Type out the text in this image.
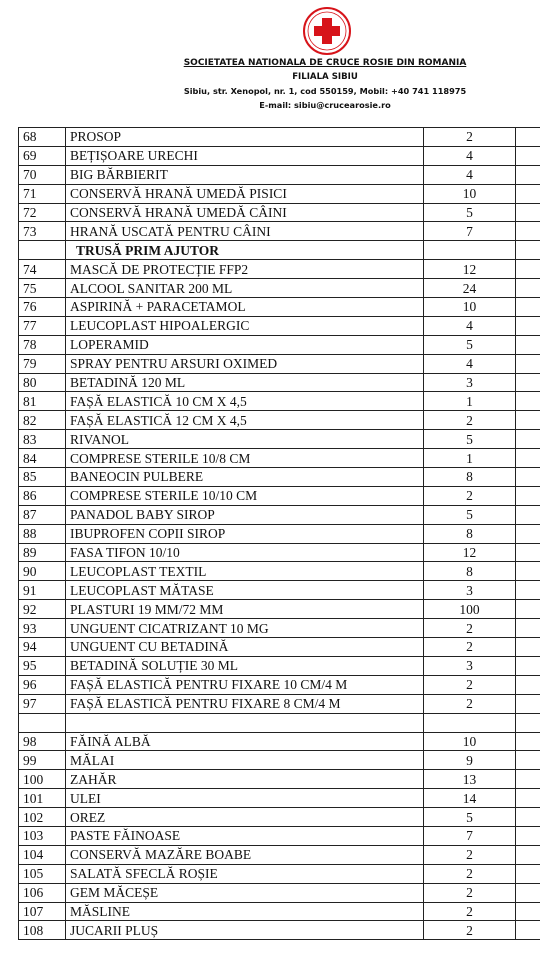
SOCIETATEA NATIONALA DE CRUCE ROSIE DIN ROMANIA
FILIALA SIBIU
Sibiu, str. Xenopol, nr. 1, cod 550159, Mobil: +40 741 118975
E-mail: sibiu@crucearosie.ro
68	PROSOP	2	
69	BEȚIȘOARE URECHI	4	
70	BIG BĂRBIERIT	4	
71	CONSERVĂ HRANĂ UMEDĂ PISICI	10	
72	CONSERVĂ HRANĂ UMEDĂ CÂINI	5	
73	HRANĂ USCATĂ PENTRU CÂINI	7	
	TRUSĂ PRIM AJUTOR		
74	MASCĂ DE PROTECȚIE FFP2	12	
75	ALCOOL SANITAR 200 ML	24	
76	ASPIRINĂ + PARACETAMOL	10	
77	LEUCOPLAST HIPOALERGIC	4	
78	LOPERAMID	5	
79	SPRAY PENTRU ARSURI OXIMED	4	
80	BETADINĂ 120 ML	3	
81	FAȘĂ ELASTICĂ 10 CM X 4,5	1	
82	FAȘĂ ELASTICĂ 12 CM X 4,5	2	
83	RIVANOL	5	
84	COMPRESE STERILE 10/8 CM	1	
85	BANEOCIN PULBERE	8	
86	COMPRESE STERILE 10/10 CM	2	
87	PANADOL BABY SIROP	5	
88	IBUPROFEN COPII SIROP	8	
89	FASA TIFON 10/10	12	
90	LEUCOPLAST TEXTIL	8	
91	LEUCOPLAST MĂTASE	3	
92	PLASTURI 19 MM/72 MM	100	
93	UNGUENT CICATRIZANT 10 MG	2	
94	UNGUENT CU BETADINĂ	2	
95	BETADINĂ SOLUȚIE 30 ML	3	
96	FAȘĂ ELASTICĂ PENTRU FIXARE 10 CM/4 M	2	
97	FAȘĂ ELASTICĂ PENTRU FIXARE 8 CM/4 M	2	

98	FĂINĂ ALBĂ	10	
99	MĂLAI	9	
100	ZAHĂR	13	
101	ULEI	14	
102	OREZ	5	
103	PASTE FĂINOASE	7	
104	CONSERVĂ MAZĂRE BOABE	2	
105	SALATĂ SFECLĂ ROȘIE	2	
106	GEM MĂCEȘE	2	
107	MĂSLINE	2	
108	JUCARII PLUȘ	2	
